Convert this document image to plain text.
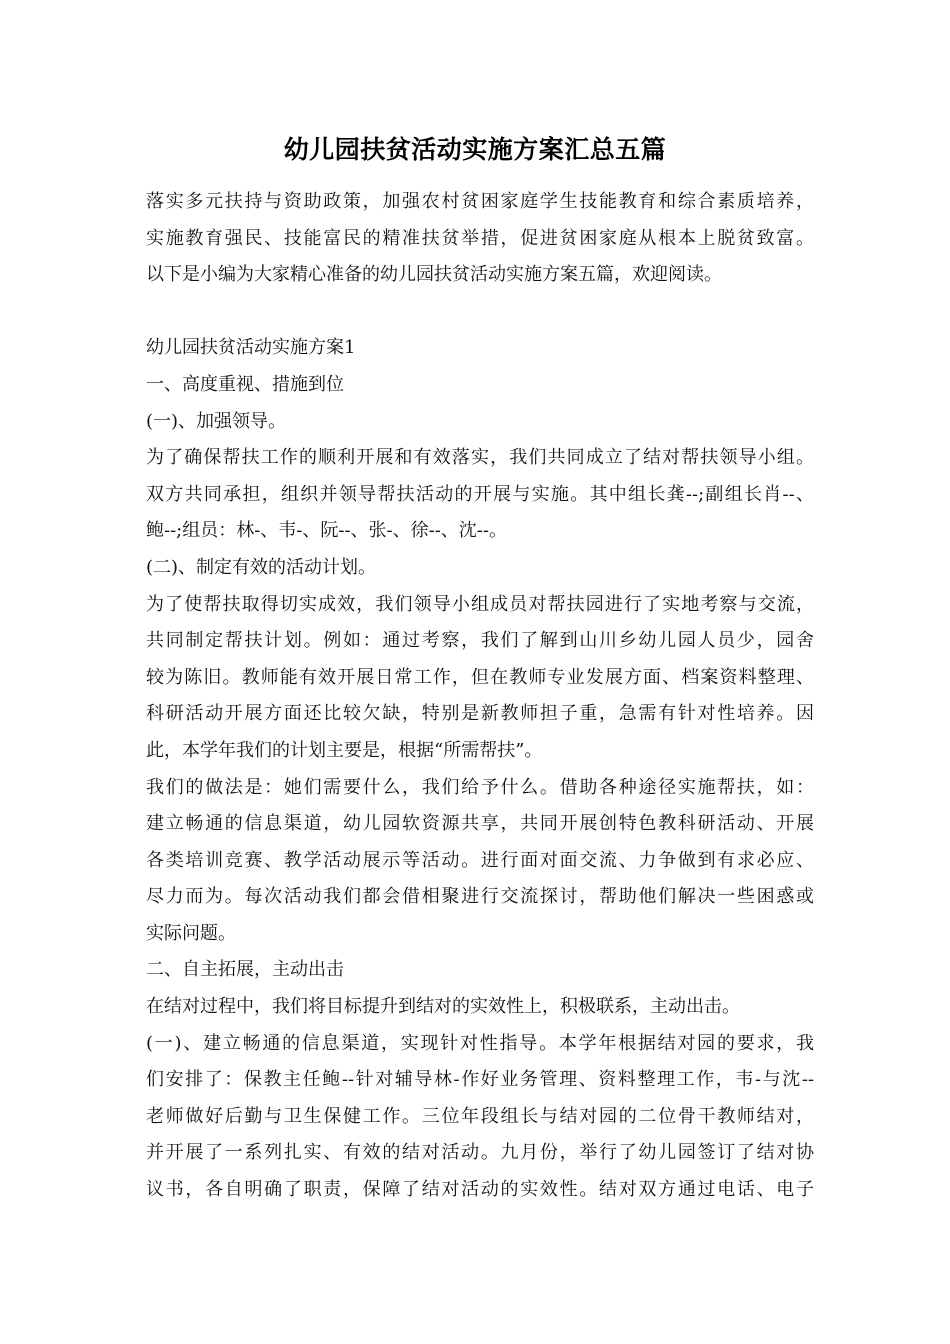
幼儿园扶贫活动实施方案汇总五篇
落实多元扶持与资助政策，加强农村贫困家庭学生技能教育和综合素质培养，
实施教育强民、技能富民的精准扶贫举措，促进贫困家庭从根本上脱贫致富。
以下是小编为大家精心准备的幼儿园扶贫活动实施方案五篇，欢迎阅读。
幼儿园扶贫活动实施方案1
一、高度重视、措施到位
(一)、加强领导。
为了确保帮扶工作的顺利开展和有效落实，我们共同成立了结对帮扶领导小组。
双方共同承担，组织并领导帮扶活动的开展与实施。其中组长龚--;副组长肖--、
鲍--;组员：林-、韦-、阮--、张-、徐--、沈--。
(二)、制定有效的活动计划。
为了使帮扶取得切实成效，我们领导小组成员对帮扶园进行了实地考察与交流，
共同制定帮扶计划。例如：通过考察，我们了解到山川乡幼儿园人员少，园舍
较为陈旧。教师能有效开展日常工作，但在教师专业发展方面、档案资料整理、
科研活动开展方面还比较欠缺，特别是新教师担子重，急需有针对性培养。因
此，本学年我们的计划主要是，根据“所需帮扶”。
我们的做法是：她们需要什么，我们给予什么。借助各种途径实施帮扶，如：
建立畅通的信息渠道，幼儿园软资源共享，共同开展创特色教科研活动、开展
各类培训竞赛、教学活动展示等活动。进行面对面交流、力争做到有求必应、
尽力而为。每次活动我们都会借相聚进行交流探讨，帮助他们解决一些困惑或
实际问题。
二、自主拓展，主动出击
在结对过程中，我们将目标提升到结对的实效性上，积极联系，主动出击。
(一)、建立畅通的信息渠道，实现针对性指导。本学年根据结对园的要求，我
们安排了：保教主任鲍--针对辅导林-作好业务管理、资料整理工作，韦-与沈--
老师做好后勤与卫生保健工作。三位年段组长与结对园的二位骨干教师结对，
并开展了一系列扎实、有效的结对活动。九月份，举行了幼儿园签订了结对协
议书，各自明确了职责，保障了结对活动的实效性。结对双方通过电话、电子
